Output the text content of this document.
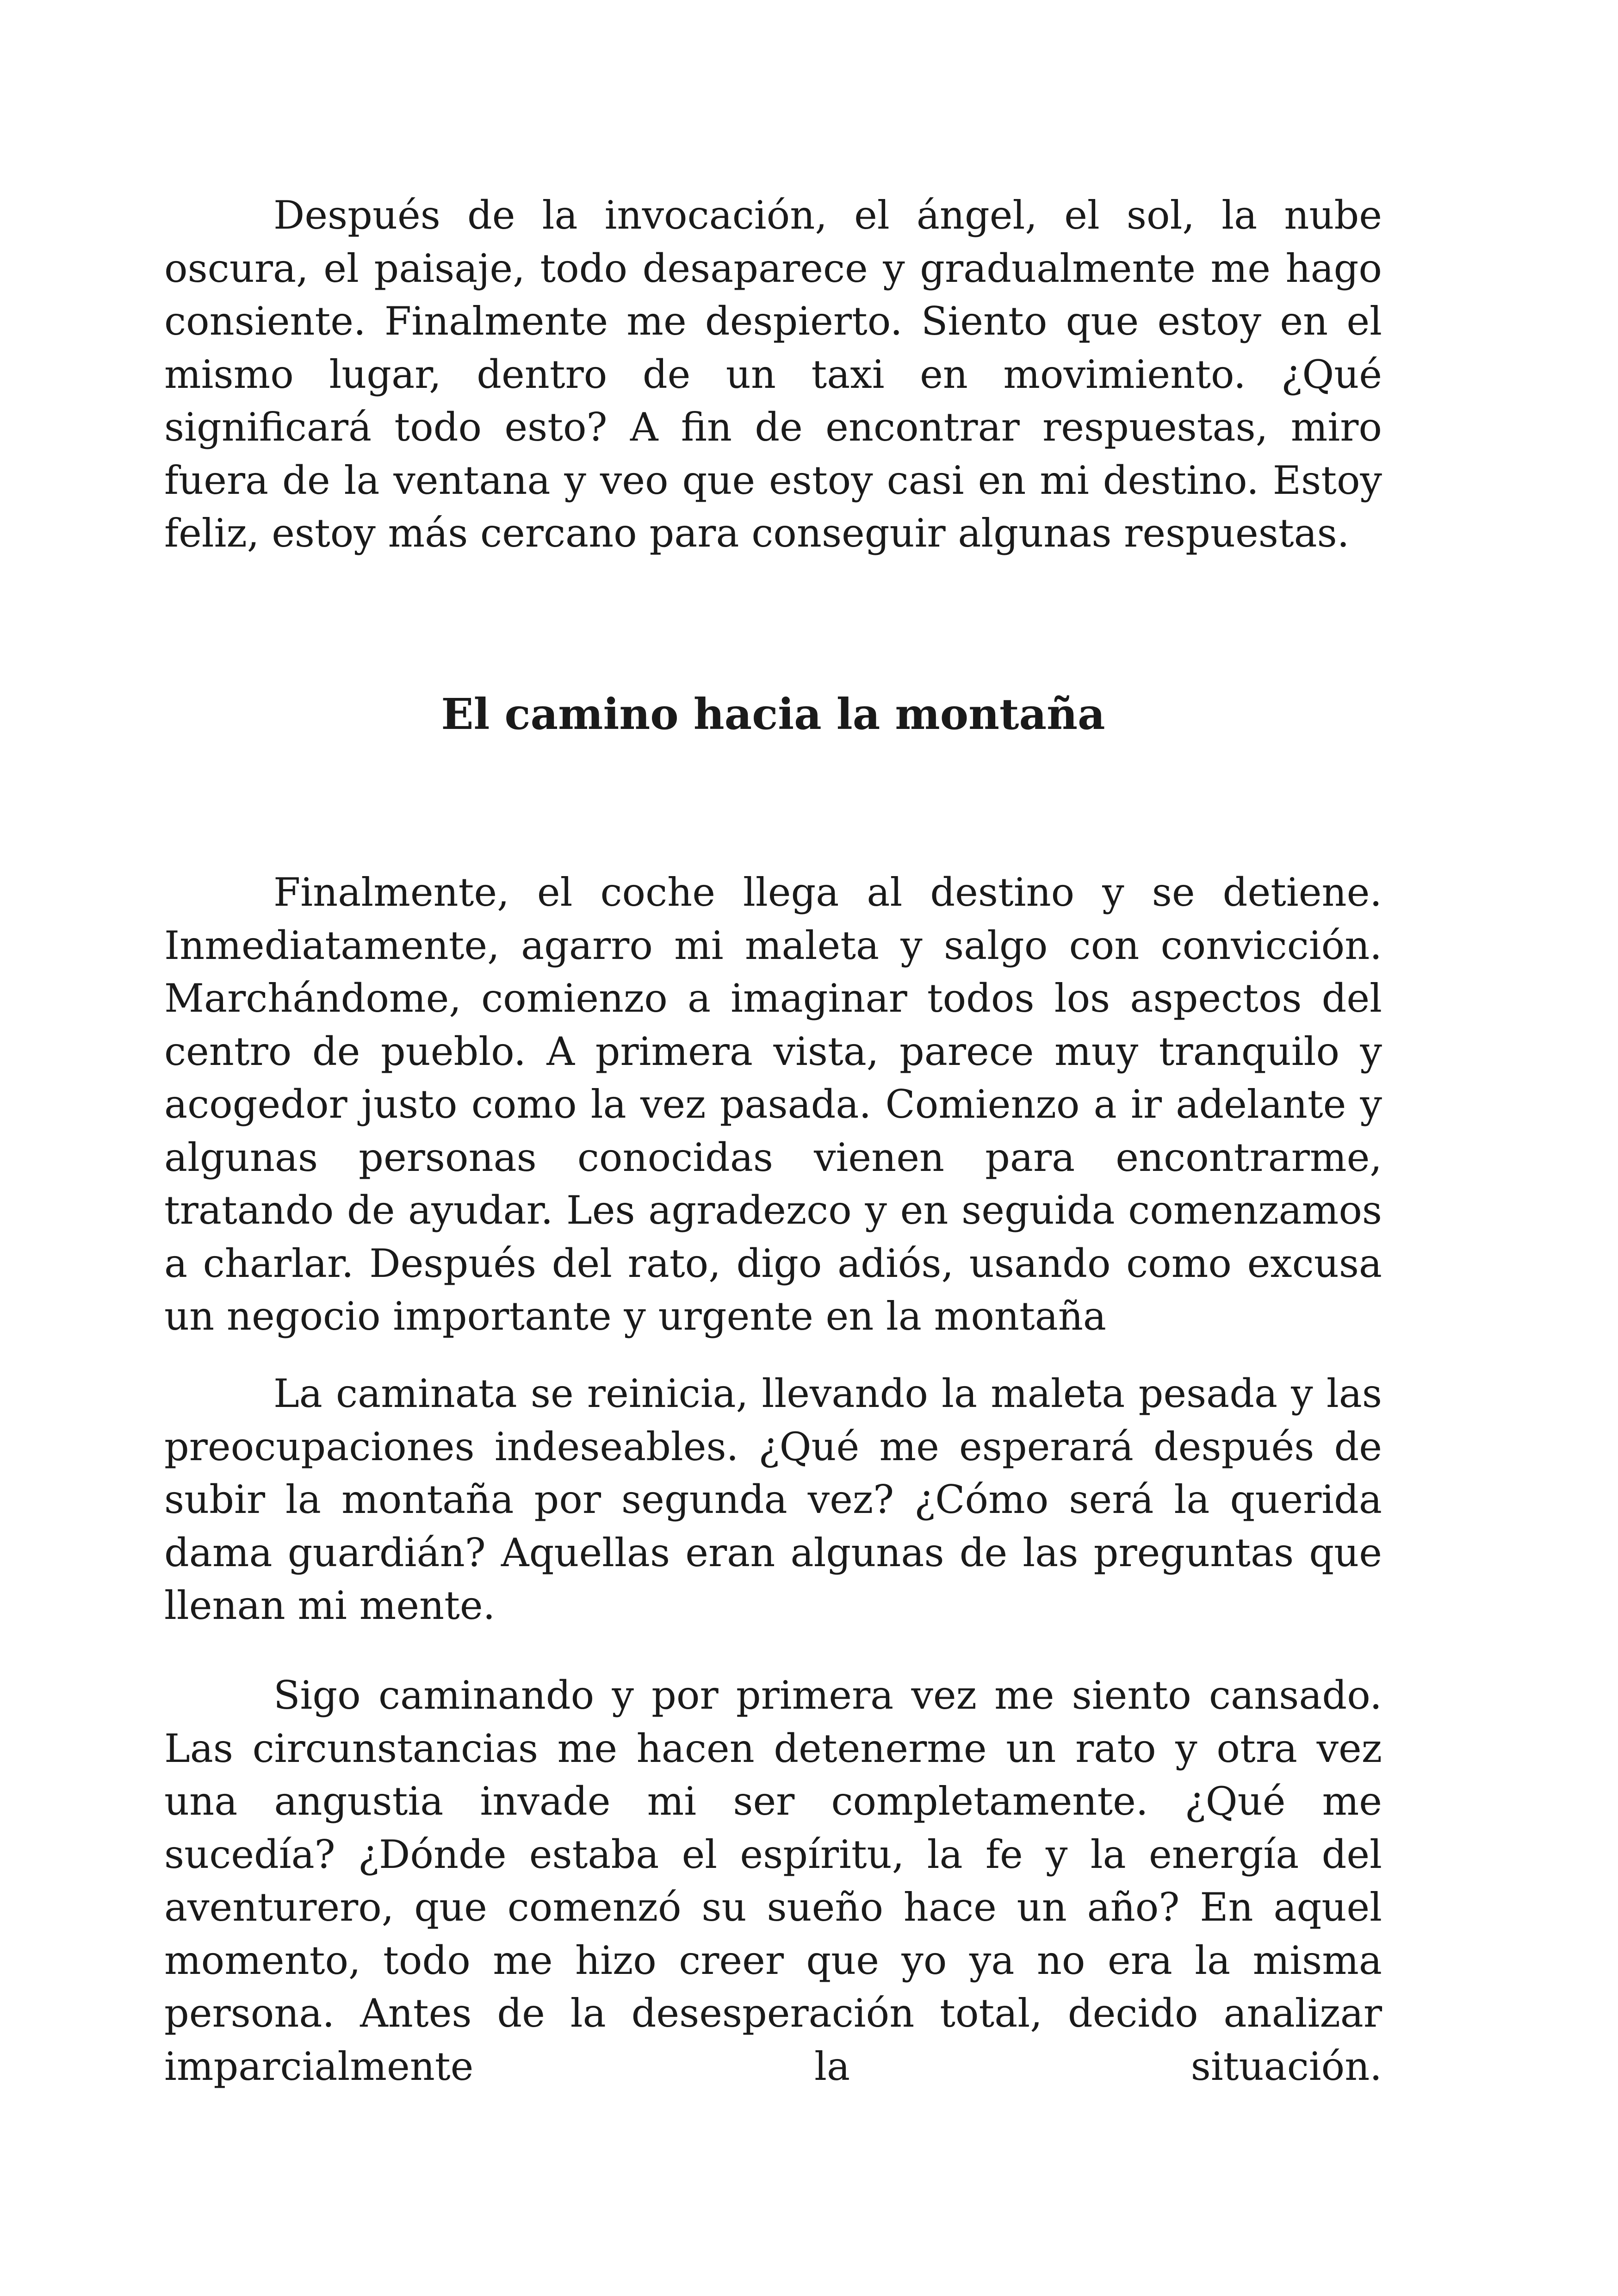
Después de la invocación, el ángel, el sol, la nube oscura, el paisaje, todo desaparece y gradualmente me hago consiente. Finalmente me despierto. Siento que estoy en el mismo lugar, dentro de un taxi en movimiento. ¿Qué significará todo esto? A fin de encontrar respuestas, miro fuera de la ventana y veo que estoy casi en mi destino. Estoy feliz, estoy más cercano para conseguir algunas respuestas.

El camino hacia la montaña

Finalmente, el coche llega al destino y se detiene. Inmediatamente, agarro mi maleta y salgo con convicción. Marchándome, comienzo a imaginar todos los aspectos del centro de pueblo. A primera vista, parece muy tranquilo y acogedor justo como la vez pasada. Comienzo a ir adelante y algunas personas conocidas vienen para encontrarme, tratando de ayudar. Les agradezco y en seguida comenzamos a charlar. Después del rato, digo adiós, usando como excusa un negocio importante y urgente en la montaña

La caminata se reinicia, llevando la maleta pesada y las preocupaciones indeseables. ¿Qué me esperará después de subir la montaña por segunda vez? ¿Cómo será la querida dama guardián? Aquellas eran algunas de las preguntas que llenan mi mente.

Sigo caminando y por primera vez me siento cansado. Las circunstancias me hacen detenerme un rato y otra vez una angustia invade mi ser completamente. ¿Qué me sucedía? ¿Dónde estaba el espíritu, la fe y la energía del aventurero, que comenzó su sueño hace un año? En aquel momento, todo me hizo creer que yo ya no era la misma persona. Antes de la desesperación total, decido analizar imparcialmente la situación.
